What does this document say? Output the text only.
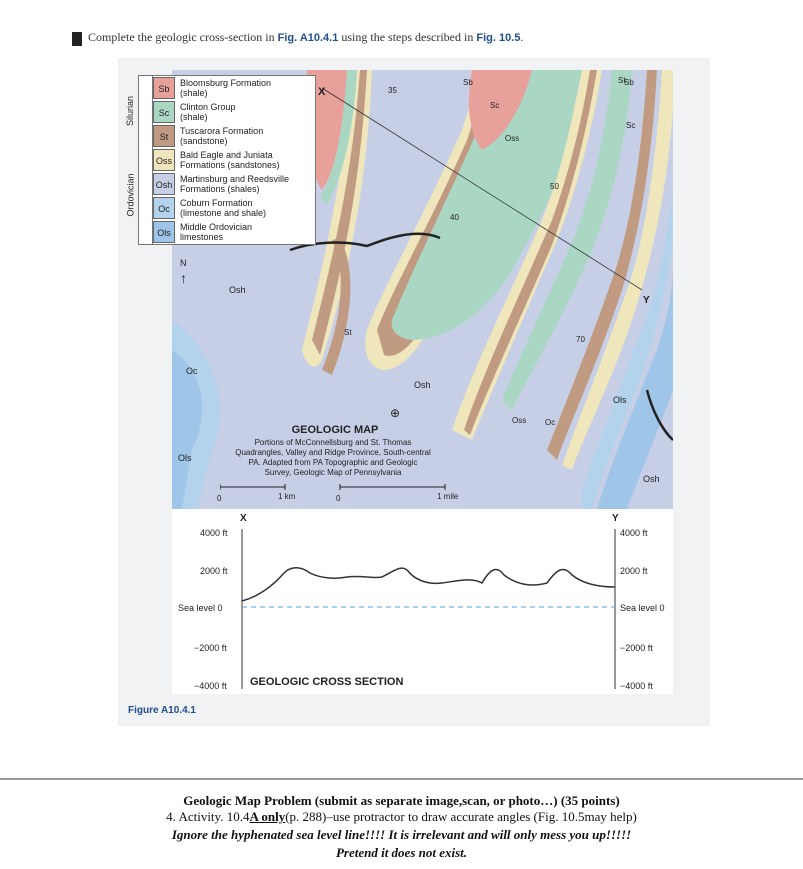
Complete the geologic cross-section in Fig. A10.4.1 using the steps described in Fig. 10.5.
X
Y
N
↑
⊕
35
40
50
70
Osh
St
Sb
Sc
Oss
Sb
St
Sc
Oc
Osh
Ols
Oss Oc
Ols
Osh
GEOLOGIC MAP
Portions of McConnellsburg and St. Thomas
Quadrangles, Valley and Ridge Province, South-central
PA. Adapted from PA Topographic and Geologic
Survey, Geologic Map of Pennsylvania
0	1 km	0	1 mile
Silurian
Ordovician
Sb
Bloomsburg Formation
(shale)
Sc
Clinton Group
(shale)
St
Tuscarora Formation
(sandstone)
Oss
Bald Eagle and Juniata
Formations (sandstones)
Osh
Martinsburg and Reedsville
Formations (shales)
Oc
Coburn Formation
(limestone and shale)
Ols
Middle Ordovician
limestones
X	Y
4000 ft
2000 ft
Sea level 0
−2000 ft
−4000 ft
4000 ft
2000 ft
Sea level 0
−2000 ft
−4000 ft
GEOLOGIC CROSS SECTION
Figure A10.4.1
Geologic Map Problem (submit as separate image,scan, or photo…) (35 points)
4. Activity. 10.4A only(p. 288)–use protractor to draw accurate angles (Fig. 10.5may help)
Ignore the hyphenated sea level line!!!! It is irrelevant and will only mess you up!!!!!
Pretend it does not exist.
